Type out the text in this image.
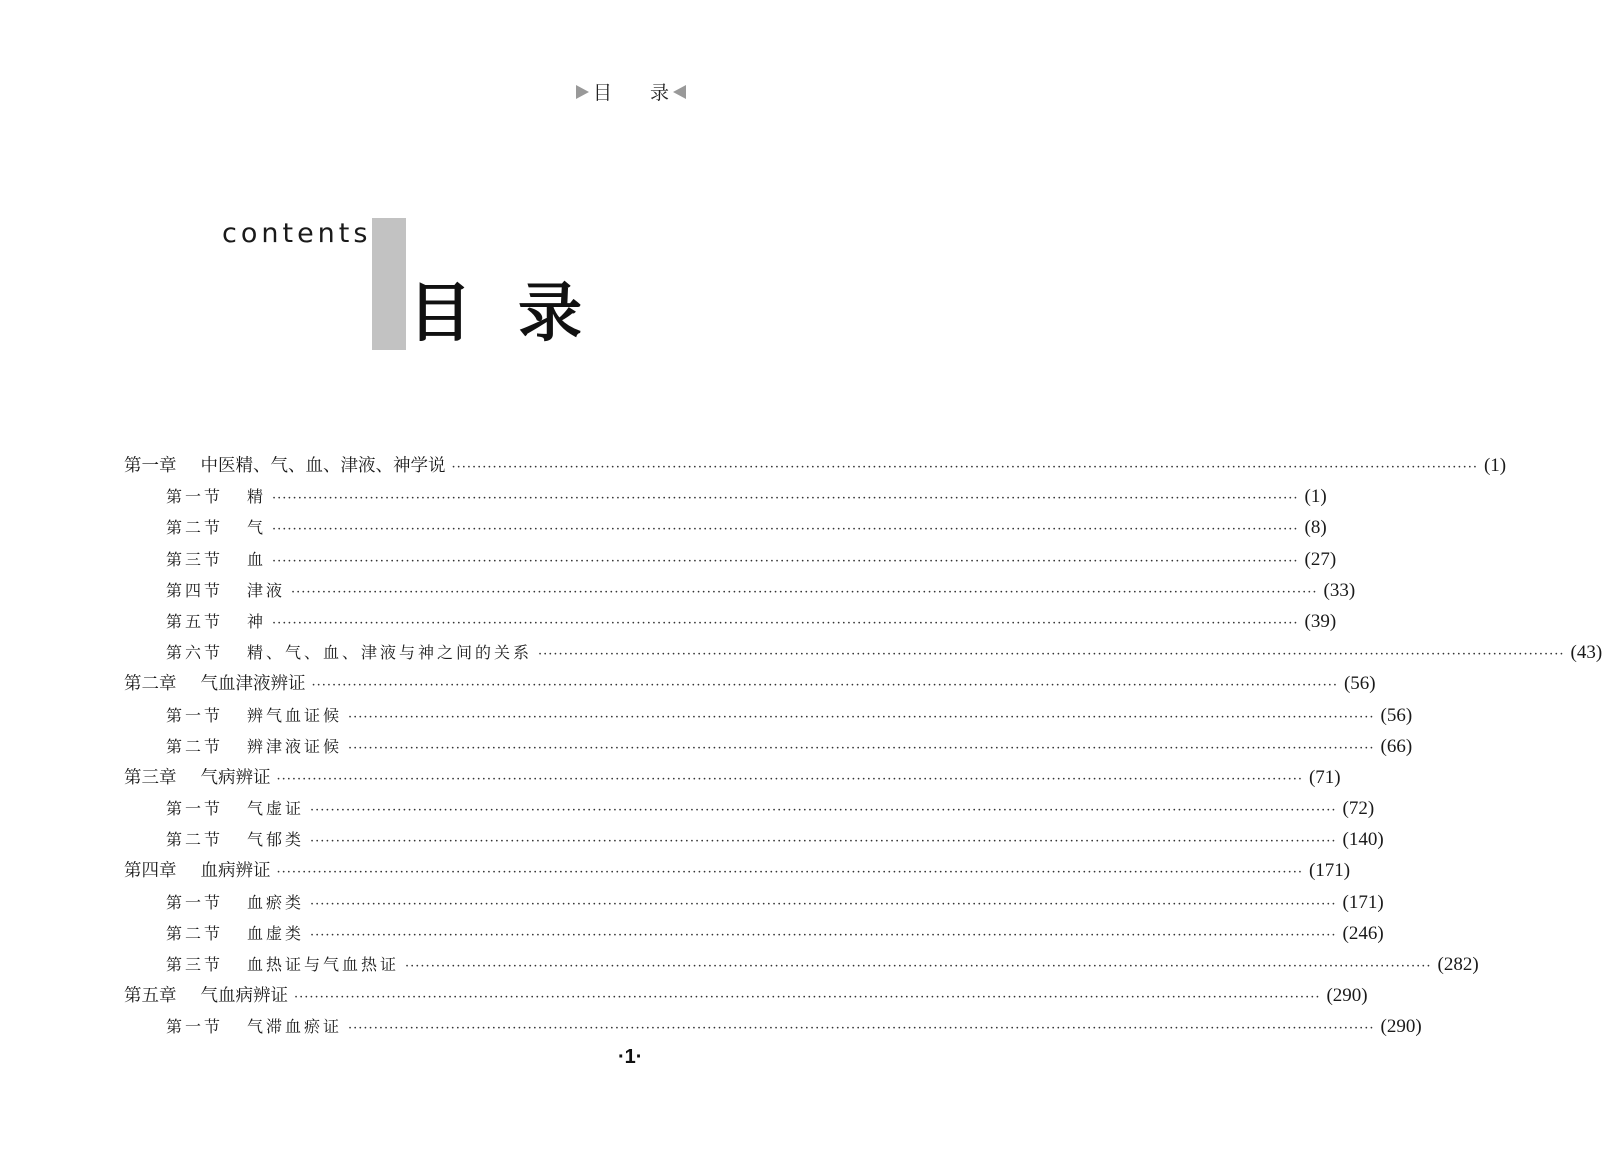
目 录
contents
目录
第一章 中医精、气、血、津液、神学说 ········································································································································································································ (1)
第一节 精 ········································································································································································································ (1)
第二节 气 ········································································································································································································ (8)
第三节 血 ········································································································································································································ (27)
第四节 津液 ········································································································································································································ (33)
第五节 神 ········································································································································································································ (39)
第六节 精、气、血、津液与神之间的关系 ········································································································································································································ (43)
第二章 气血津液辨证 ········································································································································································································ (56)
第一节 辨气血证候 ········································································································································································································ (56)
第二节 辨津液证候 ········································································································································································································ (66)
第三章 气病辨证 ········································································································································································································ (71)
第一节 气虚证 ········································································································································································································ (72)
第二节 气郁类 ········································································································································································································ (140)
第四章 血病辨证 ········································································································································································································ (171)
第一节 血瘀类 ········································································································································································································ (171)
第二节 血虚类 ········································································································································································································ (246)
第三节 血热证与气血热证 ········································································································································································································ (282)
第五章 气血病辨证 ········································································································································································································ (290)
第一节 气滞血瘀证 ········································································································································································································ (290)
·1·
